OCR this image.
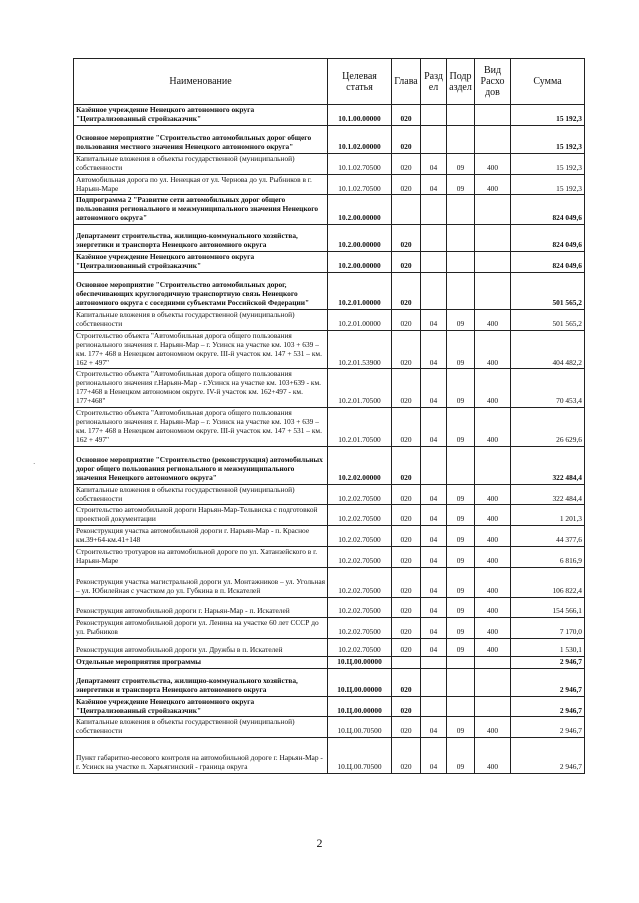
·
Наименование	Целевая статья	Глава	Разд ел	Подр аздел	Вид Расхо дов	Сумма
Казённое учреждение Ненецкого автономного округа "Централизованный стройзаказчик"	10.1.00.00000	020				15 192,3
Основное мероприятие "Строительство автомобильных дорог общего пользования местного значения Ненецкого автономного округа"	10.1.02.00000	020				15 192,3
Капитальные вложения в объекты государственной (муниципальной) собственности	10.1.02.70500	020	04	09	400	15 192,3
Автомобильная дорога по ул. Ненецкая от ул. Чернова до ул. Рыбников в г. Нарьян-Маре	10.1.02.70500	020	04	09	400	15 192,3
Подпрограмма 2 "Развитие сети автомобильных дорог общего пользования регионального и межмуниципального значения Ненецкого автономного округа"	10.2.00.00000					824 049,6
Департамент строительства, жилищно-коммунального хозяйства, энергетики и транспорта Ненецкого автономного округа	10.2.00.00000	020				824 049,6
Казённое учреждение Ненецкого автономного округа "Централизованный стройзаказчик"	10.2.00.00000	020				824 049,6
Основное мероприятие "Строительство автомобильных дорог, обеспечивающих круглогодичную транспортную связь Ненецкого автономного округа с соседними субъектами Российской Федерации"	10.2.01.00000	020				501 565,2
Капитальные вложения в объекты государственной (муниципальной) собственности	10.2.01.00000	020	04	09	400	501 565,2
Строительство объекта "Автомобильная дорога общего пользования регионального значения г. Нарьян-Мар – г. Усинск на участке км. 103 + 639 – км. 177+ 468 в Ненецком автономном округе. III-й участок км. 147 + 531 – км. 162 + 497"	10.2.01.53900	020	04	09	400	404 482,2
Строительство объекта "Автомобильная дорога общего пользования регионального значения г.Нарьян-Мар - г.Усинск на участке км. 103+639 - км. 177+468 в Ненецком автономном округе. IV-й участок км. 162+497 - км. 177+468"	10.2.01.70500	020	04	09	400	70 453,4
Строительство объекта "Автомобильная дорога общего пользования регионального значения г. Нарьян-Мар – г. Усинск на участке км. 103 + 639 – км. 177+ 468 в Ненецком автономном округе. III-й участок км. 147 + 531 – км. 162 + 497"	10.2.01.70500	020	04	09	400	26 629,6
Основное мероприятие "Строительство (реконструкция) автомобильных дорог общего пользования регионального и межмуниципального значения Ненецкого автономного округа"	10.2.02.00000	020				322 484,4
Капитальные вложения в объекты государственной (муниципальной) собственности	10.2.02.70500	020	04	09	400	322 484,4
Строительство автомобильной дороги Нарьян-Мар-Тельвиска с подготовкой проектной документации	10.2.02.70500	020	04	09	400	1 201,3
Реконструкция участка автомобильной дороги г. Нарьян-Мар - п. Красное км.39+64-км.41+148	10.2.02.70500	020	04	09	400	44 377,6
Строительство тротуаров на автомобильной дороге по ул. Хатанзейского в г. Нарьян-Маре	10.2.02.70500	020	04	09	400	6 816,9
Реконструкция участка магистральной дороги ул. Монтажников – ул. Угольная – ул. Юбилейная с участком до ул. Губкина в п. Искателей	10.2.02.70500	020	04	09	400	106 822,4
Реконструкция автомобильной дороги г. Нарьян-Мар - п. Искателей	10.2.02.70500	020	04	09	400	154 566,1
Реконструкция автомобильной дороги ул. Ленина на участке 60 лет СССР до ул. Рыбников	10.2.02.70500	020	04	09	400	7 170,0
Реконструкция автомобильной дороги ул. Дружбы в п. Искателей	10.2.02.70500	020	04	09	400	1 530,1
Отдельные мероприятия программы	10.Ц.00.00000					2 946,7
Департамент строительства, жилищно-коммунального хозяйства, энергетики и транспорта Ненецкого автономного округа	10.Ц.00.00000	020				2 946,7
Казённое учреждение Ненецкого автономного округа "Централизованный стройзаказчик"	10.Ц.00.00000	020				2 946,7
Капитальные вложения в объекты государственной (муниципальной) собственности	10.Ц.00.70500	020	04	09	400	2 946,7
Пункт габаритно-весового контроля на автомобильной дороге г. Нарьян-Мар - г. Усинск на участке п. Харьягинский - граница округа	10.Ц.00.70500	020	04	09	400	2 946,7
2
